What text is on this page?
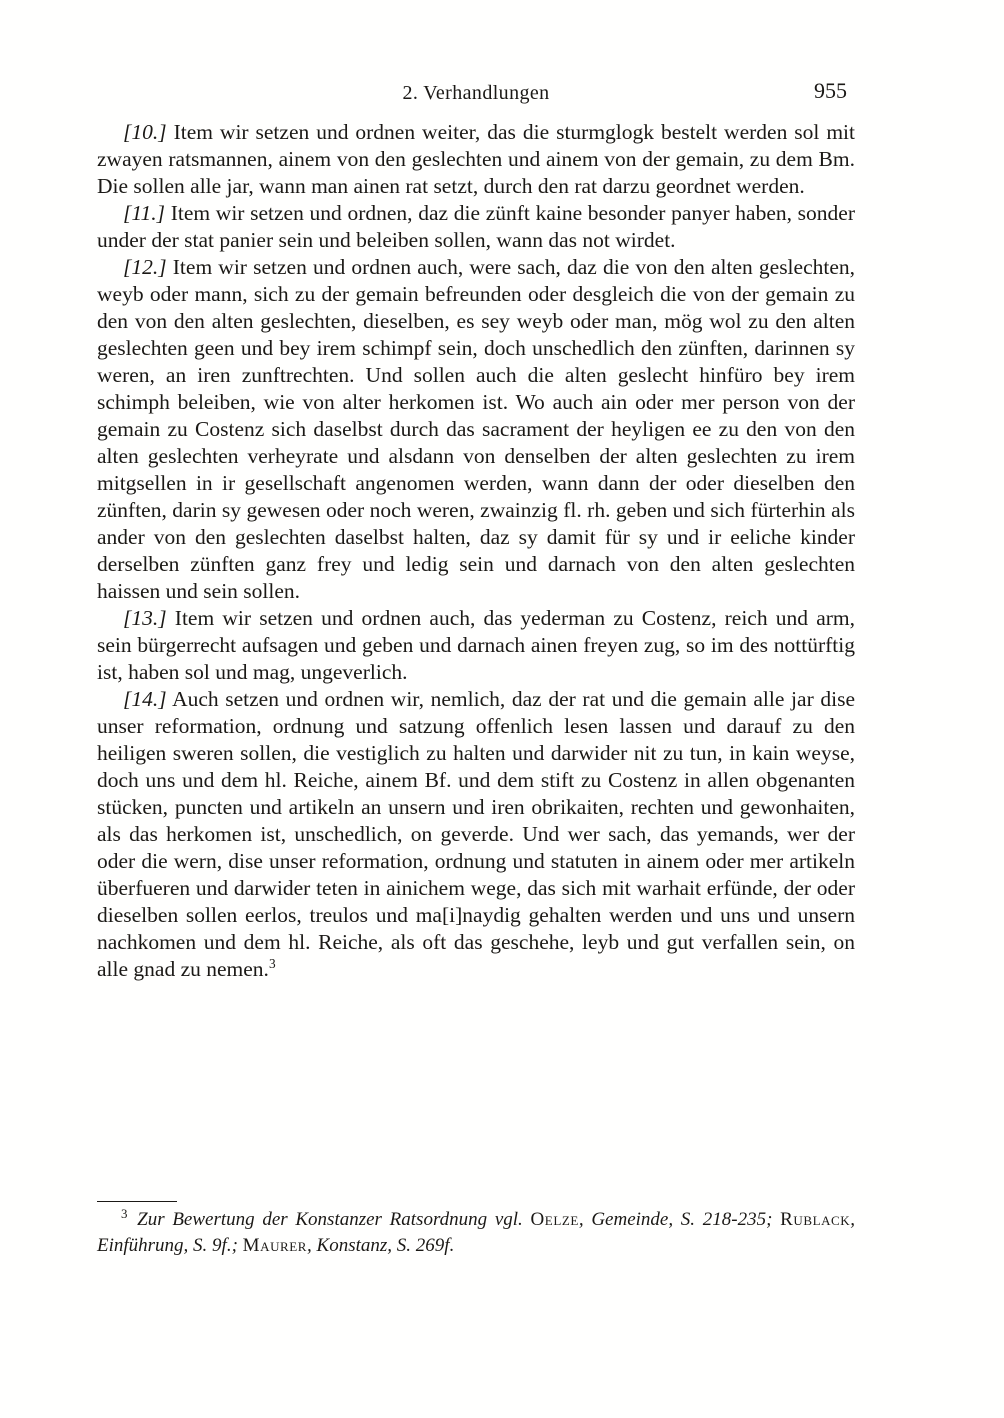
2. Verhandlungen	955

[10.] Item wir setzen und ordnen weiter, das die sturmglogk bestelt werden sol mit zwayen ratsmannen, ainem von den geslechten und ainem von der gemain, zu dem Bm. Die sollen alle jar, wann man ainen rat setzt, durch den rat darzu geordnet werden.

[11.] Item wir setzen und ordnen, daz die zünft kaine besonder panyer haben, sonder under der stat panier sein und beleiben sollen, wann das not wirdet.

[12.] Item wir setzen und ordnen auch, were sach, daz die von den alten geslechten, weyb oder mann, sich zu der gemain befreunden oder desgleich die von der gemain zu den von den alten geslechten, dieselben, es sey weyb oder man, mög wol zu den alten geslechten geen und bey irem schimpf sein, doch unschedlich den zünften, darinnen sy weren, an iren zunftrechten. Und sollen auch die alten geslecht hinfüro bey irem schimph beleiben, wie von alter herkomen ist. Wo auch ain oder mer person von der gemain zu Costenz sich daselbst durch das sacrament der heyligen ee zu den von den alten geslechten verheyrate und alsdann von denselben der alten geslechten zu irem mitgsellen in ir gesellschaft angenomen werden, wann dann der oder dieselben den zünften, darin sy gewesen oder noch weren, zwainzig fl. rh. geben und sich fürterhin als ander von den geslechten daselbst halten, daz sy damit für sy und ir eeliche kinder derselben zünften ganz frey und ledig sein und darnach von den alten geslechten haissen und sein sollen.

[13.] Item wir setzen und ordnen auch, das yederman zu Costenz, reich und arm, sein bürgerrecht aufsagen und geben und darnach ainen freyen zug, so im des nottürftig ist, haben sol und mag, ungeverlich.

[14.] Auch setzen und ordnen wir, nemlich, daz der rat und die gemain alle jar dise unser reformation, ordnung und satzung offenlich lesen lassen und darauf zu den heiligen sweren sollen, die vestiglich zu halten und darwider nit zu tun, in kain weyse, doch uns und dem hl. Reiche, ainem Bf. und dem stift zu Costenz in allen obgenanten stücken, puncten und artikeln an unsern und iren obrikaiten, rechten und gewonhaiten, als das herkomen ist, unschedlich, on geverde. Und wer sach, das yemands, wer der oder die wern, dise unser reformation, ordnung und statuten in ainem oder mer artikeln überfueren und darwider teten in ainichem wege, das sich mit warhait erfünde, der oder dieselben sollen eerlos, treulos und ma[i]naydig gehalten werden und uns und unsern nachkomen und dem hl. Reiche, als oft das geschehe, leyb und gut verfallen sein, on alle gnad zu nemen.$^3$

$^3$ Zur Bewertung der Konstanzer Ratsordnung vgl. Oelze, Gemeinde, S. 218-235; Rublack, Einführung, S. 9f.; Maurer, Konstanz, S. 269f.
